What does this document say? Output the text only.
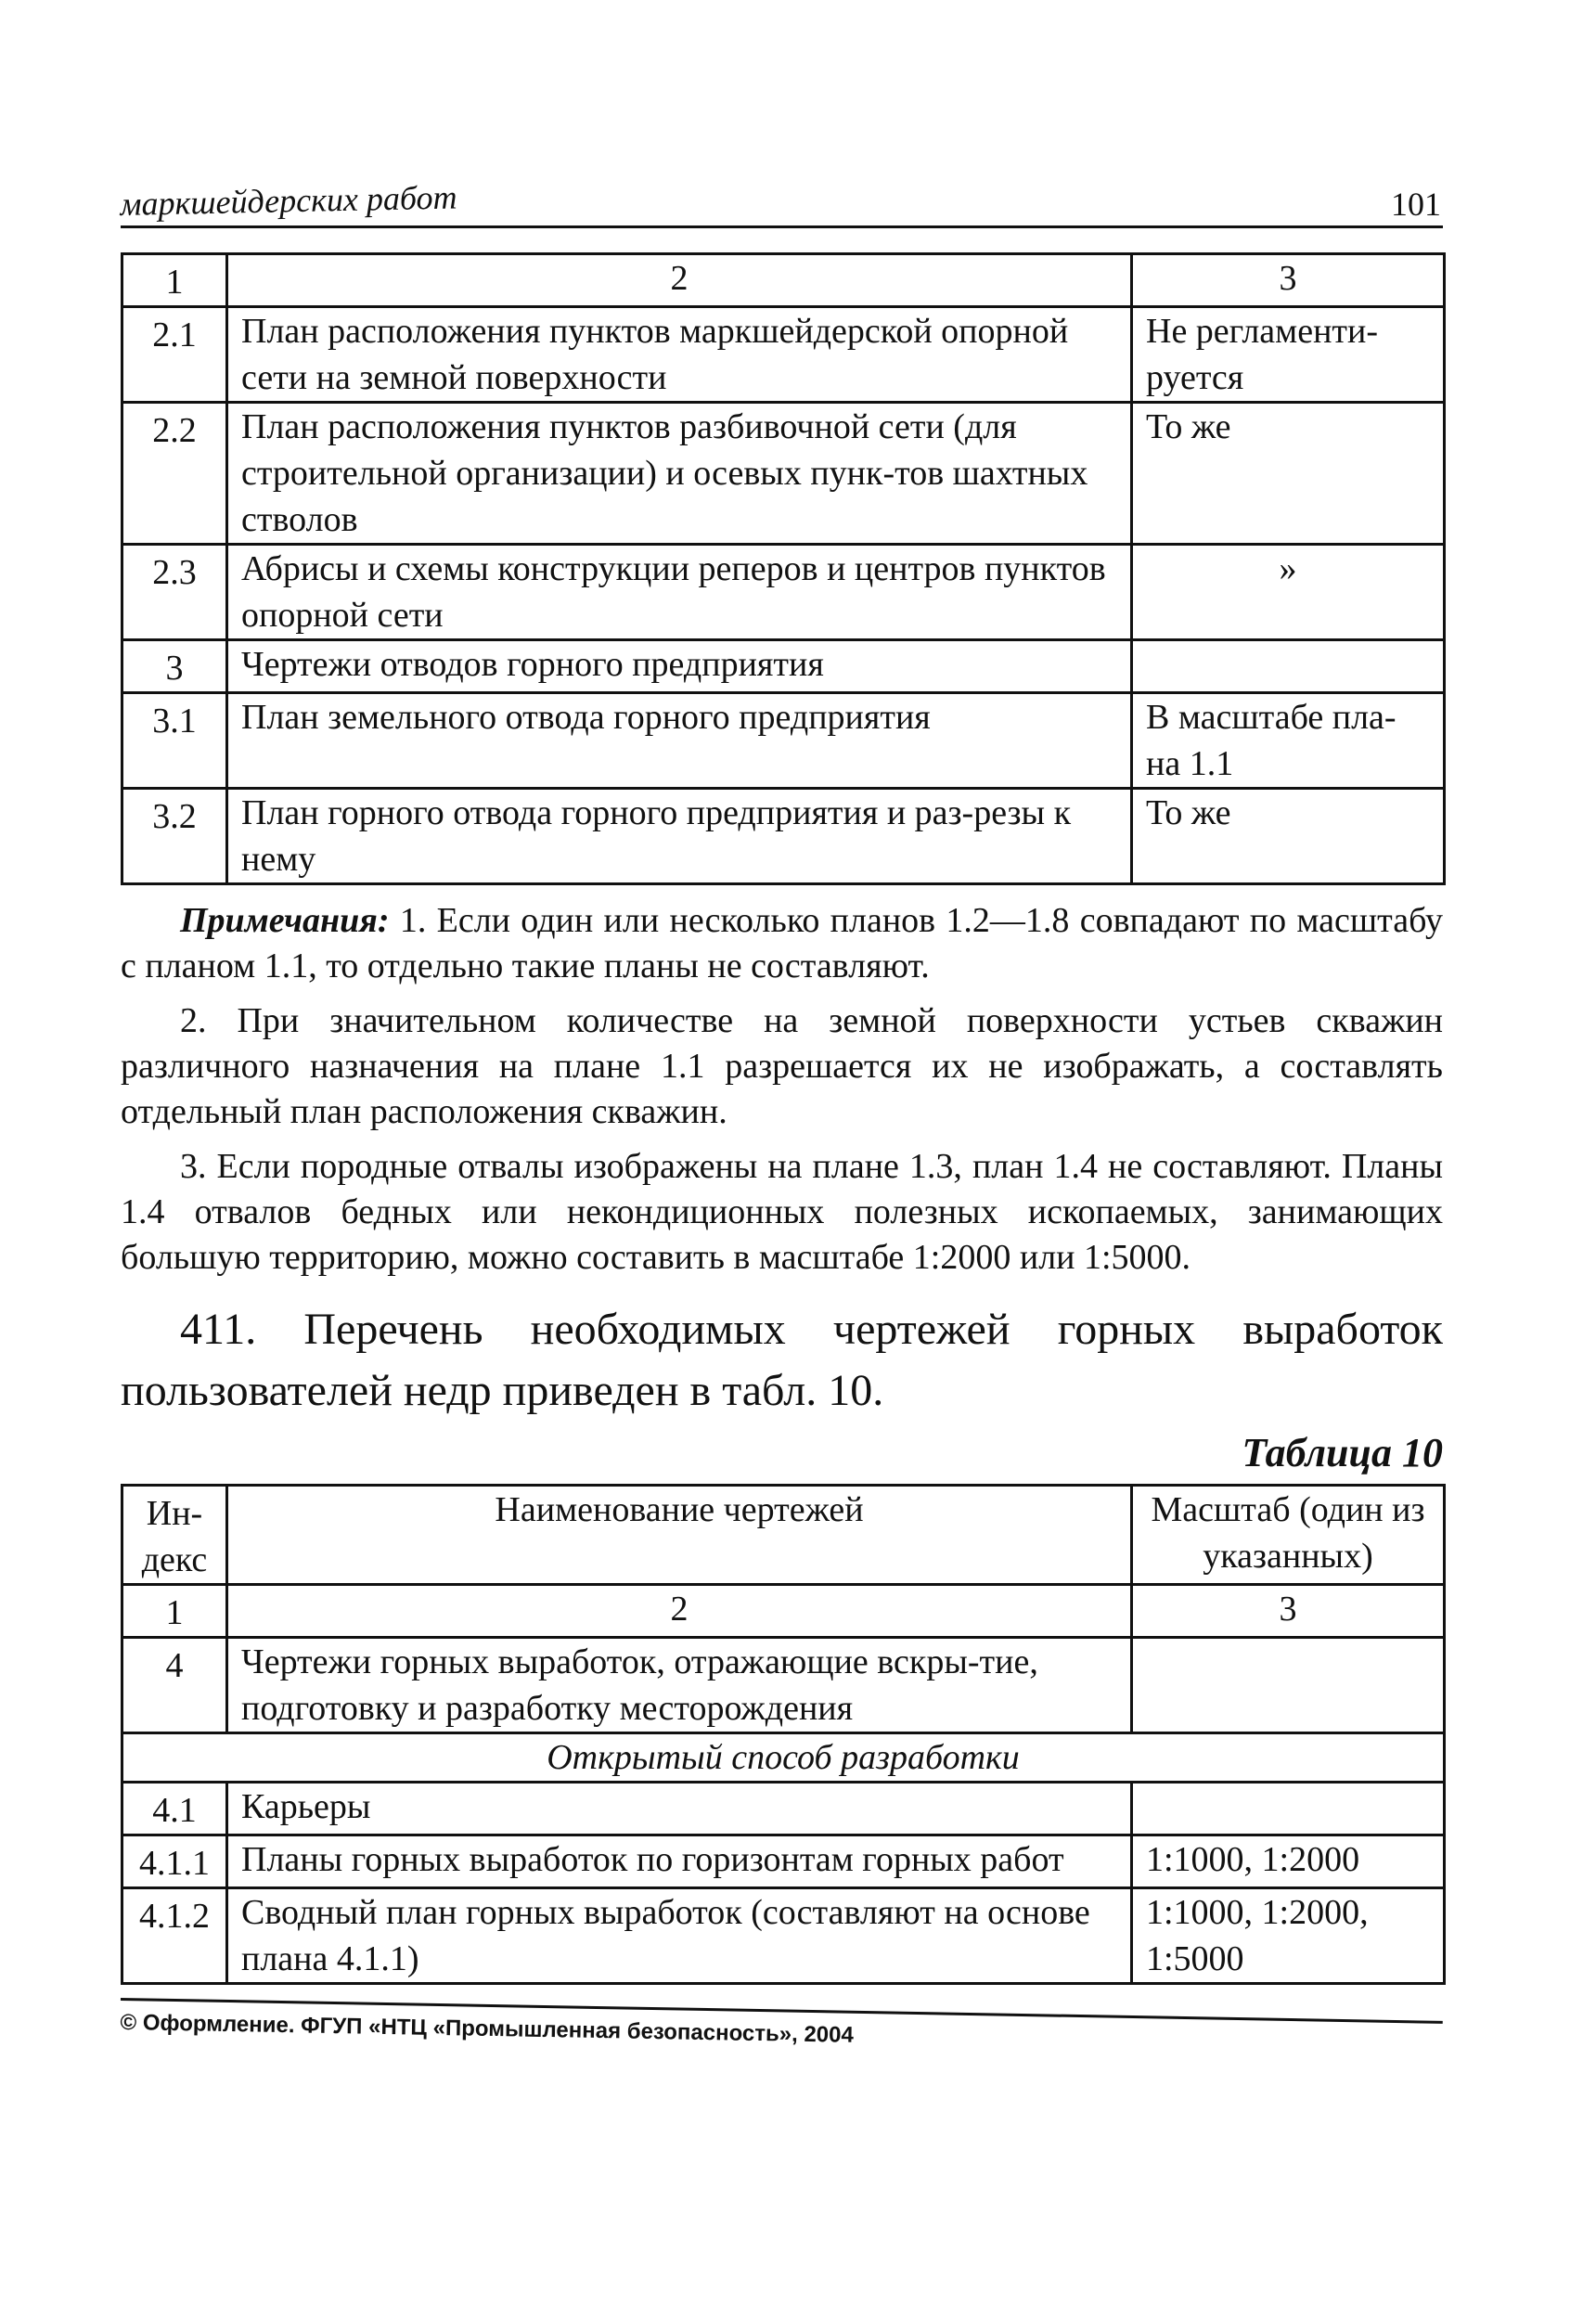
маркшейдерских работ	101
1	2	3
2.1	План расположения пунктов маркшейдерской опорной сети на земной поверхности	Не регламенти-руется
2.2	План расположения пунктов разбивочной сети (для строительной организации) и осевых пунк-тов шахтных стволов	То же
2.3	Абрисы и схемы конструкции реперов и центров пунктов опорной сети	»
3	Чертежи отводов горного предприятия	
3.1	План земельного отвода горного предприятия	В масштабе пла-на 1.1
3.2	План горного отвода горного предприятия и раз-резы к нему	То же

Примечания: 1. Если один или несколько планов 1.2—1.8 совпадают по масштабу с планом 1.1, то отдельно такие планы не составляют.

2. При значительном количестве на земной поверхности устьев скважин различного назначения на плане 1.1 разрешается их не изображать, а составлять отдельный план расположения скважин.

3. Если породные отвалы изображены на плане 1.3, план 1.4 не составляют. Планы 1.4 отвалов бедных или некондиционных полезных ископаемых, занимающих большую территорию, можно составить в масштабе 1:2000 или 1:5000.

411. Перечень необходимых чертежей горных выработок пользователей недр приведен в табл. 10.
Таблица 10
Ин-декс	Наименование чертежей	Масштаб (один из указанных)
1	2	3
4	Чертежи горных выработок, отражающие вскры-тие, подготовку и разработку месторождения	
Открытый способ разработки		
4.1	Карьеры	
4.1.1	Планы горных выработок по горизонтам горных работ	1:1000, 1:2000
4.1.2	Сводный план горных выработок (составляют на основе плана 4.1.1)	1:1000, 1:2000, 1:5000
© Оформление. ФГУП «НТЦ «Промышленная безопасность», 2004
